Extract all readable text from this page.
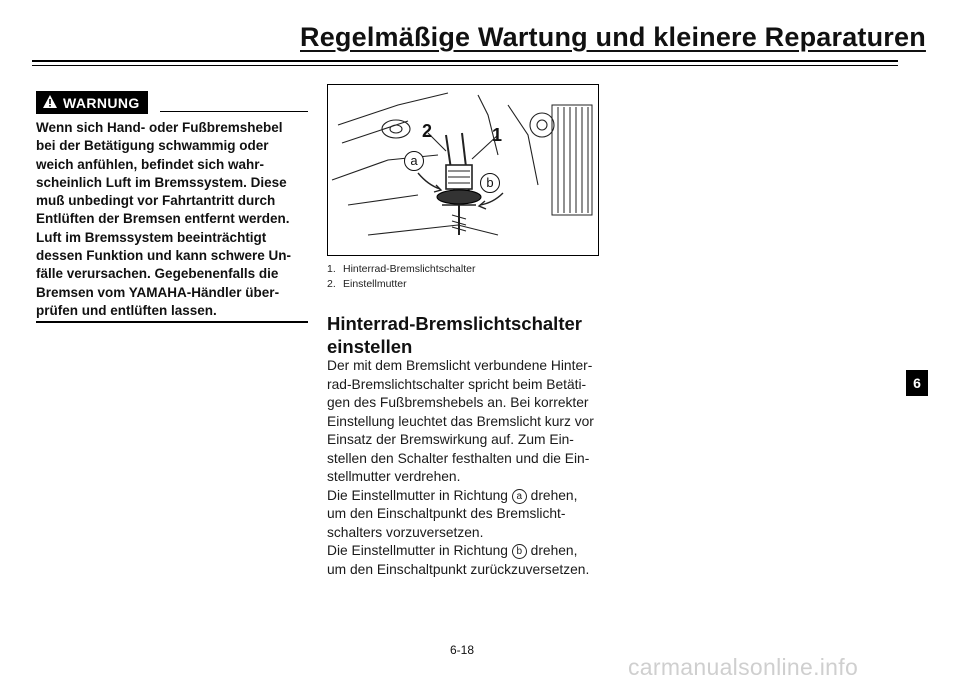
Regelmäßige Wartung und kleinere Reparaturen
WARNUNG

Wenn sich Hand- oder Fußbremshebel
bei der Betätigung schwammig oder
weich anfühlen, befindet sich wahr-
scheinlich Luft im Bremssystem. Diese
muß unbedingt vor Fahrtantritt durch
Entlüften der Bremsen entfernt werden.
Luft im Bremssystem beeinträchtigt
dessen Funktion und kann schwere Un-
fälle verursachen. Gegebenenfalls die
Bremsen vom YAMAHA-Händler über-
prüfen und entlüften lassen.

2	1
a
b
1. Hinterrad-Bremslichtschalter
2. Einstellmutter
Hinterrad-Bremslichtschalter
einstellen

Der mit dem Bremslicht verbundene Hinter-
rad-Bremslichtschalter spricht beim Betäti-
gen des Fußbremshebels an. Bei korrekter
Einstellung leuchtet das Bremslicht kurz vor
Einsatz der Bremswirkung auf. Zum Ein-
stellen den Schalter festhalten und die Ein-
stellmutter verdrehen.
Die Einstellmutter in Richtung a drehen,
um den Einschaltpunkt des Bremslicht-
schalters vorzuversetzen.
Die Einstellmutter in Richtung b drehen,
um den Einschaltpunkt zurückzuversetzen.

6-18
6
carmanualsonline.info
